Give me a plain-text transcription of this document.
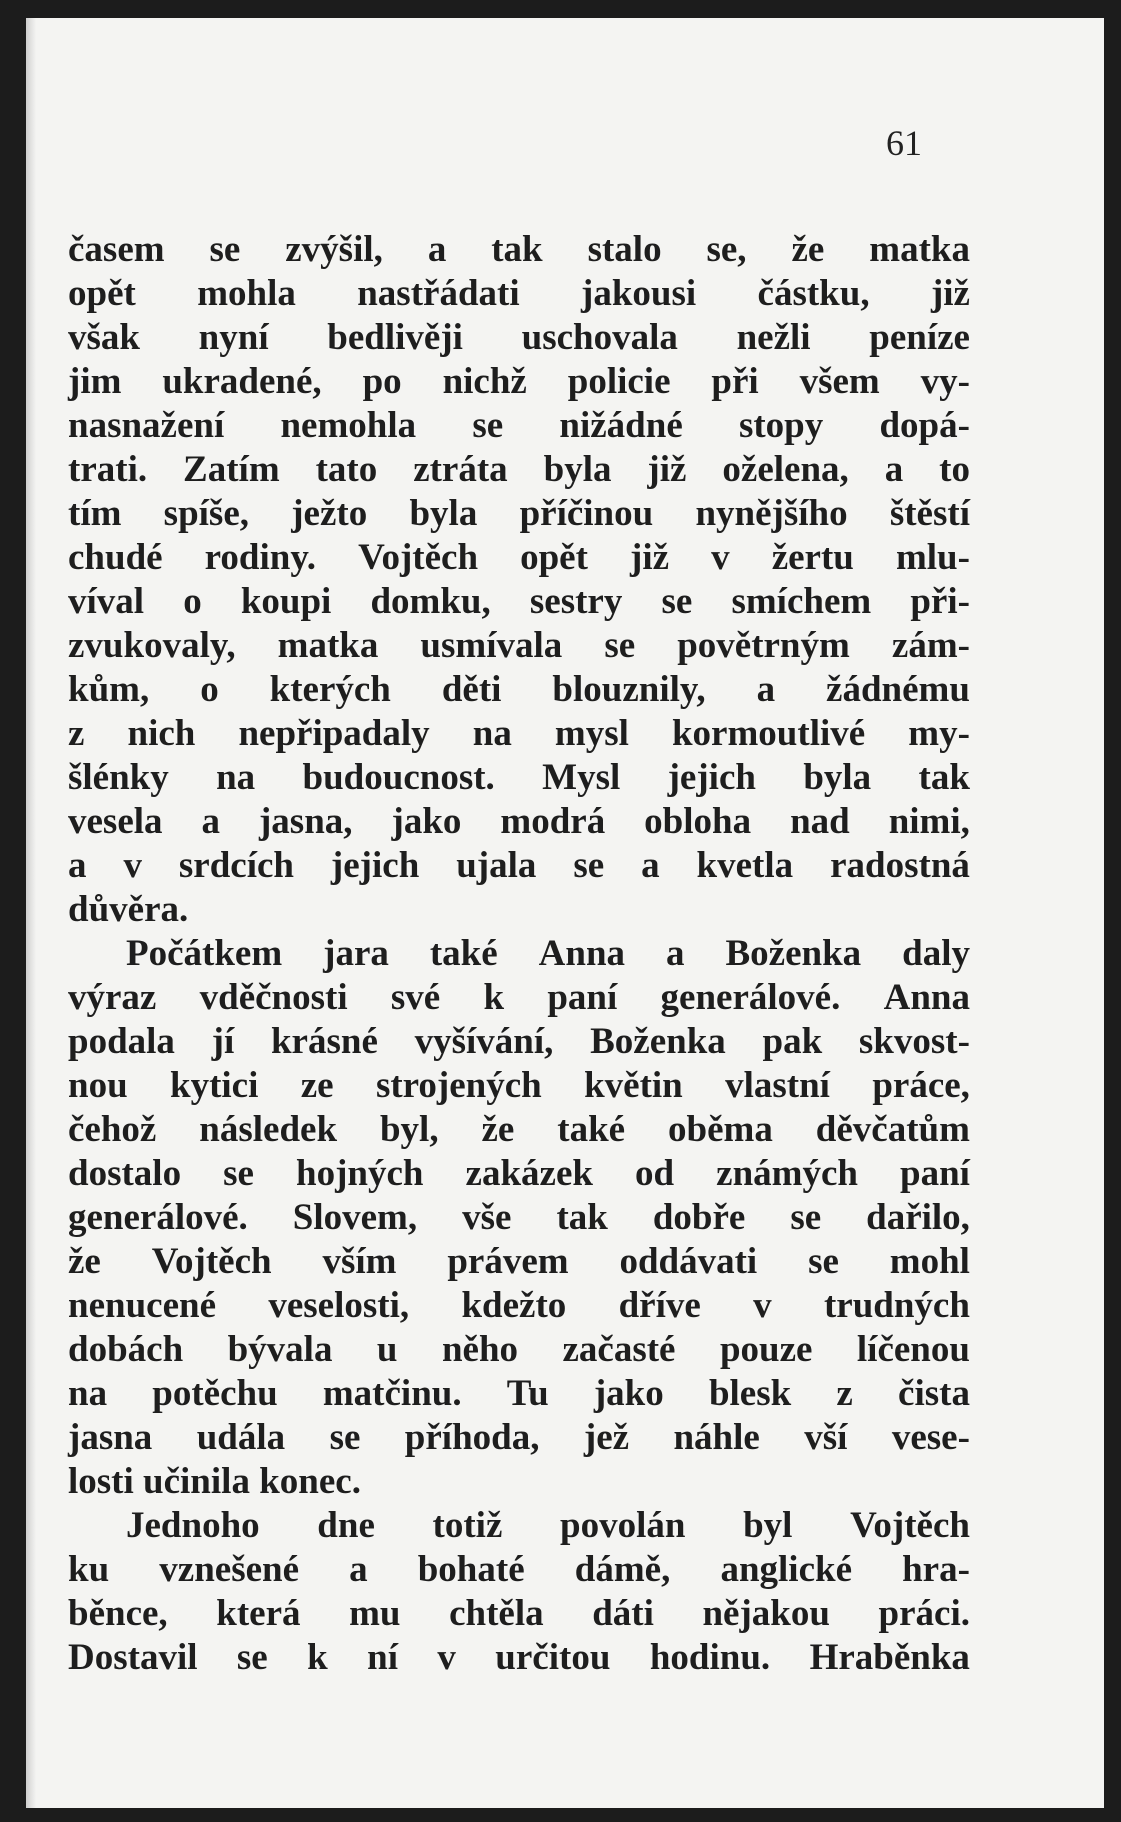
61
časem se zvýšil, a tak stalo se, že matka
opět mohla nastřádati jakousi částku, již
však nyní bedlivěji uschovala nežli peníze
jim ukradené, po nichž policie při všem vy-
nasnažení nemohla se nižádné stopy dopá-
trati. Zatím tato ztráta byla již oželena, a to
tím spíše, ježto byla příčinou nynějšího štěstí
chudé rodiny. Vojtěch opět již v žertu mlu-
víval o koupi domku, sestry se smíchem při-
zvukovaly, matka usmívala se povětrným zám-
kům, o kterých děti blouznily, a žádnému
z nich nepřipadaly na mysl kormoutlivé my-
šlénky na budoucnost. Mysl jejich byla tak
vesela a jasna, jako modrá obloha nad nimi,
a v srdcích jejich ujala se a kvetla radostná
důvěra.
Počátkem jara také Anna a Boženka daly
výraz vděčnosti své k paní generálové. Anna
podala jí krásné vyšívání, Boženka pak skvost-
nou kytici ze strojených květin vlastní práce,
čehož následek byl, že také oběma děvčatům
dostalo se hojných zakázek od známých paní
generálové. Slovem, vše tak dobře se dařilo,
že Vojtěch vším právem oddávati se mohl
nenucené veselosti, kdežto dříve v trudných
dobách bývala u něho začasté pouze líčenou
na potěchu matčinu. Tu jako blesk z čista
jasna udála se příhoda, jež náhle vší vese-
losti učinila konec.
Jednoho dne totiž povolán byl Vojtěch
ku vznešené a bohaté dámě, anglické hra-
běnce, která mu chtěla dáti nějakou práci.
Dostavil se k ní v určitou hodinu. Hraběnka
